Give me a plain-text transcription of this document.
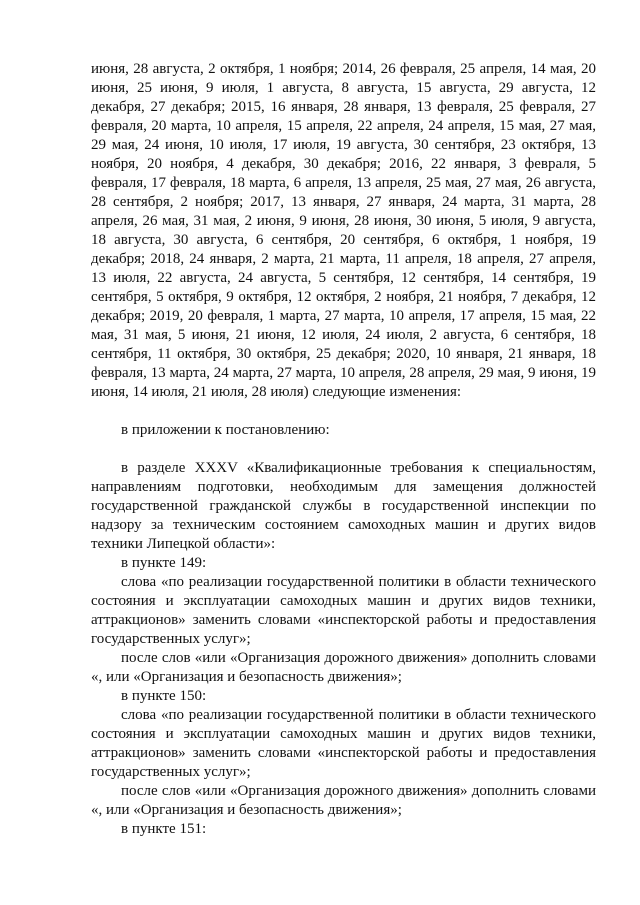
июня, 28 августа, 2 октября, 1 ноября; 2014, 26 февраля, 25 апреля, 14 мая, 20 июня, 25 июня, 9 июля, 1 августа, 8 августа, 15 августа, 29 августа, 12 декабря, 27 декабря; 2015, 16 января, 28 января, 13 февраля, 25 февраля, 27 февраля, 20 марта, 10 апреля, 15 апреля, 22 апреля, 24 апреля, 15 мая, 27 мая, 29 мая, 24 июня, 10 июля, 17 июля, 19 августа, 30 сентября, 23 октября, 13 ноября, 20 ноября, 4 декабря, 30 декабря; 2016, 22 января, 3 февраля, 5 февраля, 17 февраля, 18 марта, 6 апреля, 13 апреля, 25 мая, 27 мая, 26 августа, 28 сентября, 2 ноября; 2017, 13 января, 27 января, 24 марта, 31 марта, 28 апреля, 26 мая, 31 мая, 2 июня, 9 июня, 28 июня, 30 июня, 5 июля, 9 августа, 18 августа, 30 августа, 6 сентября, 20 сентября, 6 октября, 1 ноября, 19 декабря; 2018, 24 января, 2 марта, 21 марта, 11 апреля, 18 апреля, 27 апреля, 13 июля, 22 августа, 24 августа, 5 сентября, 12 сентября, 14 сентября, 19 сентября, 5 октября, 9 октября, 12 октября, 2 ноября, 21 ноября, 7 декабря, 12 декабря; 2019, 20 февраля, 1 марта, 27 марта, 10 апреля, 17 апреля, 15 мая, 22 мая, 31 мая, 5 июня, 21 июня, 12 июля, 24 июля, 2 августа, 6 сентября, 18 сентября, 11 октября, 30 октября, 25 декабря; 2020, 10 января, 21 января, 18 февраля, 13 марта, 24 марта, 27 марта, 10 апреля, 28 апреля, 29 мая, 9 июня, 19 июня, 14 июля, 21 июля, 28 июля) следующие изменения:

в приложении к постановлению:

в разделе XXXV «Квалификационные требования к специальностям, направлениям подготовки, необходимым для замещения должностей государственной гражданской службы в государственной инспекции по надзору за техническим состоянием самоходных машин и других видов техники Липецкой области»:

в пункте 149:

слова «по реализации государственной политики в области технического состояния и эксплуатации самоходных машин и других видов техники, аттракционов» заменить словами «инспекторской работы и предоставления государственных услуг»;

после слов «или «Организация дорожного движения» дополнить словами «, или «Организация и безопасность движения»;

в пункте 150:

слова «по реализации государственной политики в области технического состояния и эксплуатации самоходных машин и других видов техники, аттракционов» заменить словами «инспекторской работы и предоставления государственных услуг»;

после слов «или «Организация дорожного движения» дополнить словами «, или «Организация и безопасность движения»;

в пункте 151:
